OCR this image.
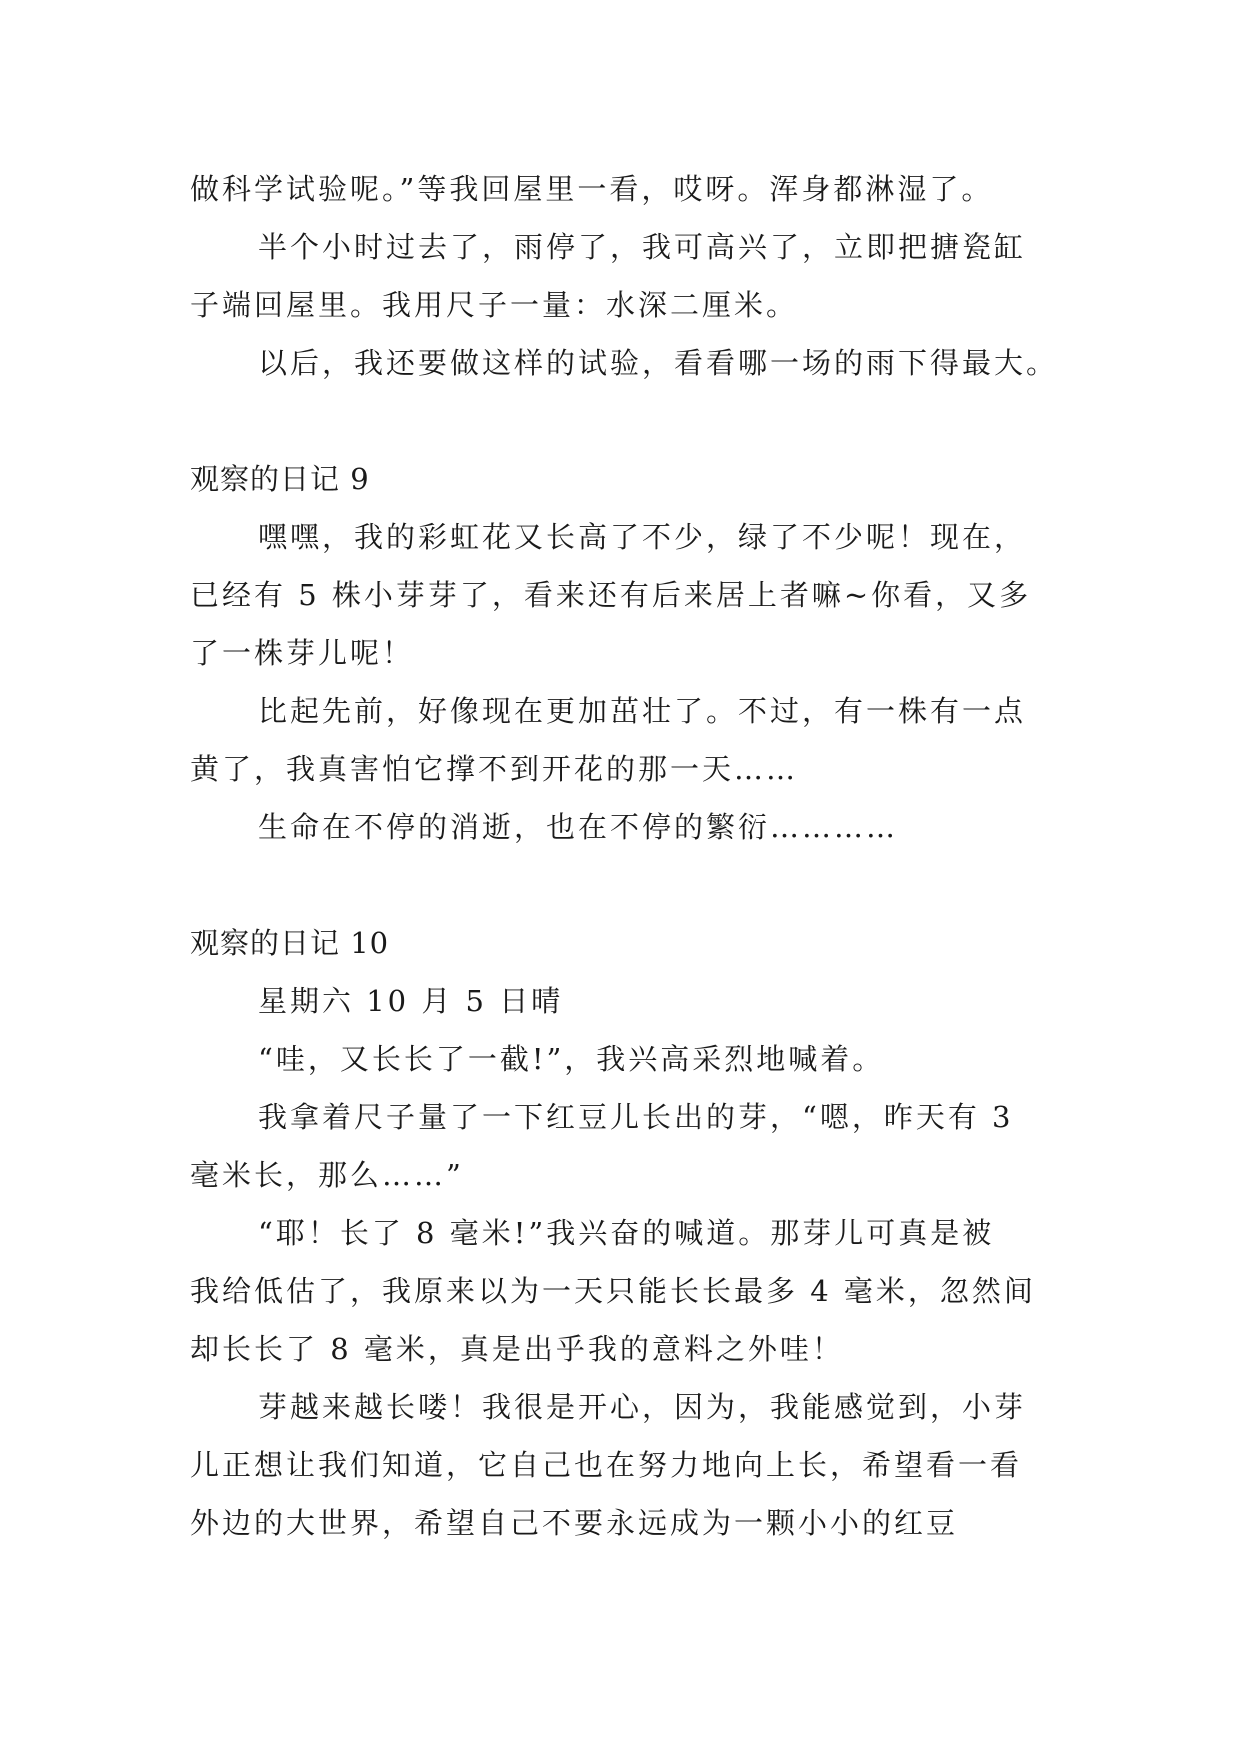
做科学试验呢。”等我回屋里一看，哎呀。浑身都淋湿了。
半个小时过去了，雨停了，我可高兴了，立即把搪瓷缸
子端回屋里。我用尺子一量：水深二厘米。
以后，我还要做这样的试验，看看哪一场的雨下得最大。
观察的日记 9
嘿嘿，我的彩虹花又长高了不少，绿了不少呢！现在，
已经有 5 株小芽芽了，看来还有后来居上者嘛~你看，又多
了一株芽儿呢！
比起先前，好像现在更加茁壮了。不过，有一株有一点
黄了，我真害怕它撑不到开花的那一天……
生命在不停的消逝，也在不停的繁衍…………
观察的日记 10
星期六 10 月 5 日晴
“哇，又长长了一截!”，我兴高采烈地喊着。
我拿着尺子量了一下红豆儿长出的芽，“嗯，昨天有 3
毫米长，那么……”
“耶！长了 8 毫米!”我兴奋的喊道。那芽儿可真是被
我给低估了，我原来以为一天只能长长最多 4 毫米，忽然间
却长长了 8 毫米，真是出乎我的意料之外哇！
芽越来越长喽！我很是开心，因为，我能感觉到，小芽
儿正想让我们知道，它自己也在努力地向上长，希望看一看
外边的大世界，希望自己不要永远成为一颗小小的红豆
